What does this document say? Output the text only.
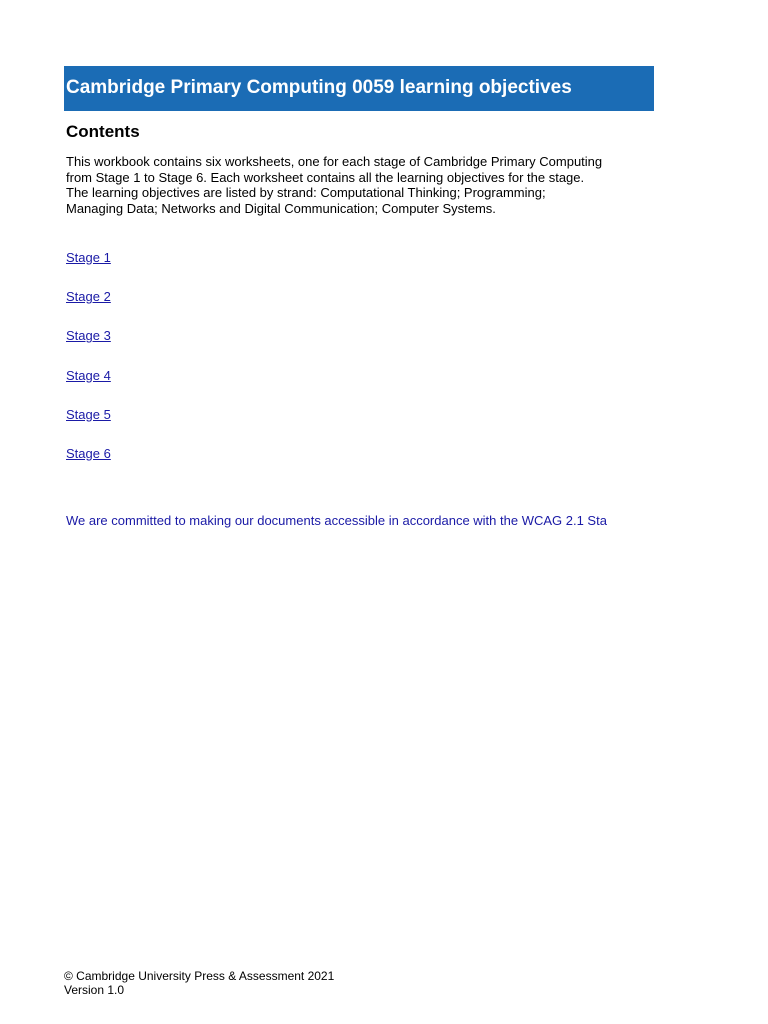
Cambridge Primary Computing 0059 learning objectives
Contents
This workbook contains six worksheets, one for each stage of Cambridge Primary Computing
from Stage 1 to Stage 6. Each worksheet contains all the learning objectives for the stage.
The learning objectives are listed by strand: Computational Thinking; Programming;
Managing Data; Networks and Digital Communication; Computer Systems.
Stage 1
Stage 2
Stage 3
Stage 4
Stage 5
Stage 6
We are committed to making our documents accessible in accordance with the WCAG 2.1 Sta
© Cambridge University Press & Assessment 2021
Version 1.0
